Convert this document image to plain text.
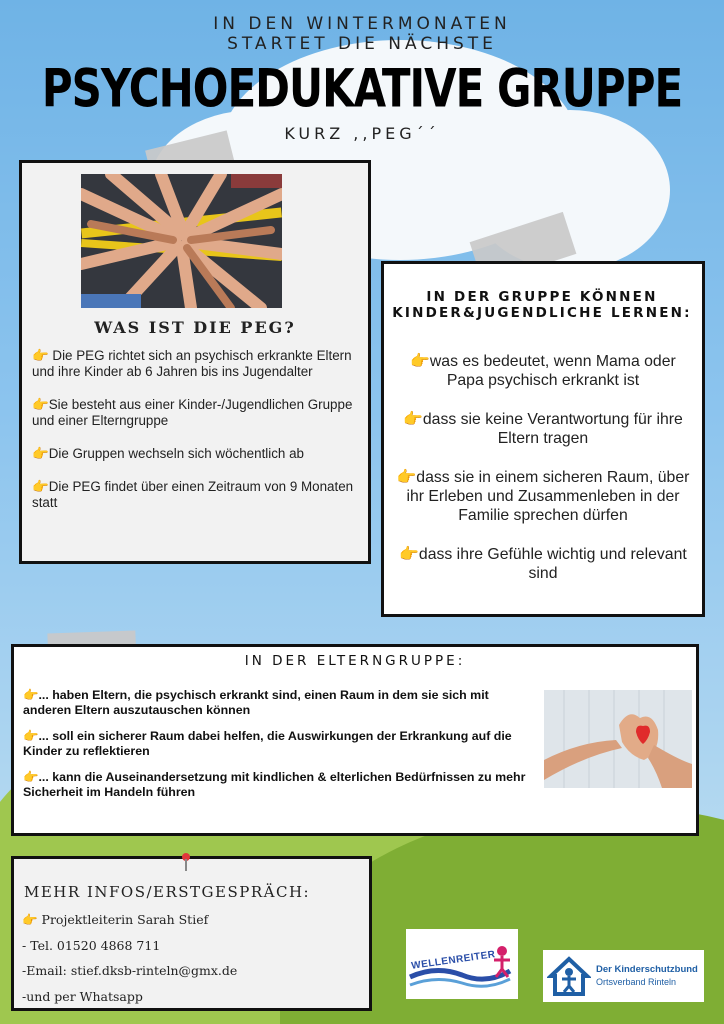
IN DEN WINTERMONATEN
STARTET DIE NÄCHSTE
PSYCHOEDUKATIVE GRUPPE
KURZ ,,PEG´´
WAS IST DIE PEG?

👉 Die PEG richtet sich an psychisch erkrankte Eltern und ihre Kinder ab 6 Jahren bis ins Jugendalter

👉Sie besteht aus einer Kinder-/Jugendlichen Gruppe und einer Elterngruppe

👉Die Gruppen wechseln sich wöchentlich ab

👉Die PEG findet über einen Zeitraum von 9 Monaten statt

IN DER GRUPPE KÖNNEN KINDER&JUGENDLICHE LERNEN:

👉was es bedeutet, wenn Mama oder Papa psychisch erkrankt ist

👉dass sie keine Verantwortung für ihre Eltern tragen

👉dass sie in einem sicheren Raum, über ihr Erleben und Zusammenleben in der Familie sprechen dürfen

👉dass ihre Gefühle wichtig und relevant sind

IN DER ELTERNGRUPPE:

👉... haben Eltern, die psychisch erkrankt sind, einen Raum in dem sie sich mit anderen Eltern auszutauschen können

👉... soll ein sicherer Raum dabei helfen, die Auswirkungen der Erkrankung auf die Kinder zu reflektieren

👉... kann die Auseinandersetzung mit kindlichen & elterlichen Bedürfnissen zu mehr Sicherheit im Handeln führen

MEHR INFOS/ERSTGESPRÄCH:

👉 Projektleiterin Sarah Stief

- Tel. 01520 4868 711

-Email: stief.dksb-rinteln@gmx.de

-und per Whatsapp

WELLENREITER	Der Kinderschutzbund
Ortsverband Rinteln
